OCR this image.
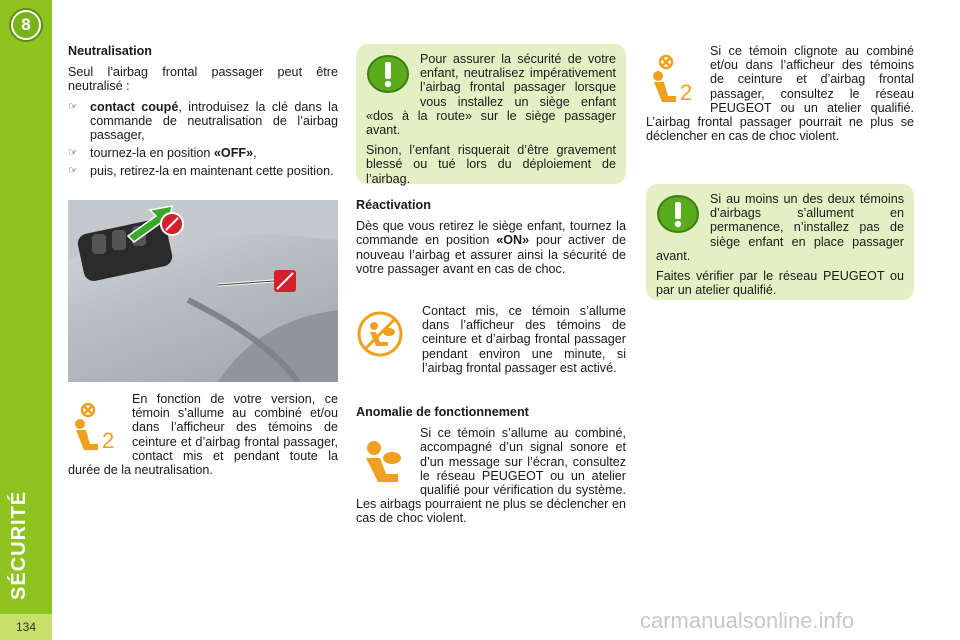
8
SÉCURITÉ
134
Neutralisation

Seul l’airbag frontal passager peut être neutralisé :

☞ contact coupé, introduisez la clé dans la commande de neutralisation de l’airbag passager,
☞ tournez-la en position «OFF»,
☞ puis, retirez-la en maintenant cette position.
2

En fonction de votre version, ce témoin s’allume au combiné et/ou dans l’afficheur des témoins de ceinture et d’airbag frontal passager, contact mis et pendant toute la durée de la neutralisation.

Pour assurer la sécurité de votre enfant, neutralisez impérativement l’airbag frontal passager lorsque vous installez un siège enfant «dos à la route» sur le siège passager avant.

Sinon, l’enfant risquerait d’être gravement blessé ou tué lors du déploiement de l’airbag.

Réactivation

Dès que vous retirez le siège enfant, tournez la commande en position «ON» pour activer de nouveau l’airbag et assurer ainsi la sécurité de votre passager avant en cas de choc.

Contact mis, ce témoin s’allume dans l’afficheur des témoins de ceinture et d’airbag frontal passager pendant environ une minute, si l’airbag frontal passager est activé.

Anomalie de fonctionnement

Si ce témoin s’allume au combiné, accompagné d’un signal sonore et d’un message sur l’écran, consultez le réseau PEUGEOT ou un atelier qualifié pour vérification du système. Les airbags pourraient ne plus se déclencher en cas de choc violent.

2

Si ce témoin clignote au combiné et/ou dans l’afficheur des témoins de ceinture et d’airbag frontal passager, consultez le réseau PEUGEOT ou un atelier qualifié. L’airbag frontal passager pourrait ne plus se déclencher en cas de choc violent.

Si au moins un des deux témoins d’airbags s’allument en permanence, n’installez pas de siège enfant en place passager avant.

Faites vérifier par le réseau PEUGEOT ou par un atelier qualifié.

carmanualsonline.info
